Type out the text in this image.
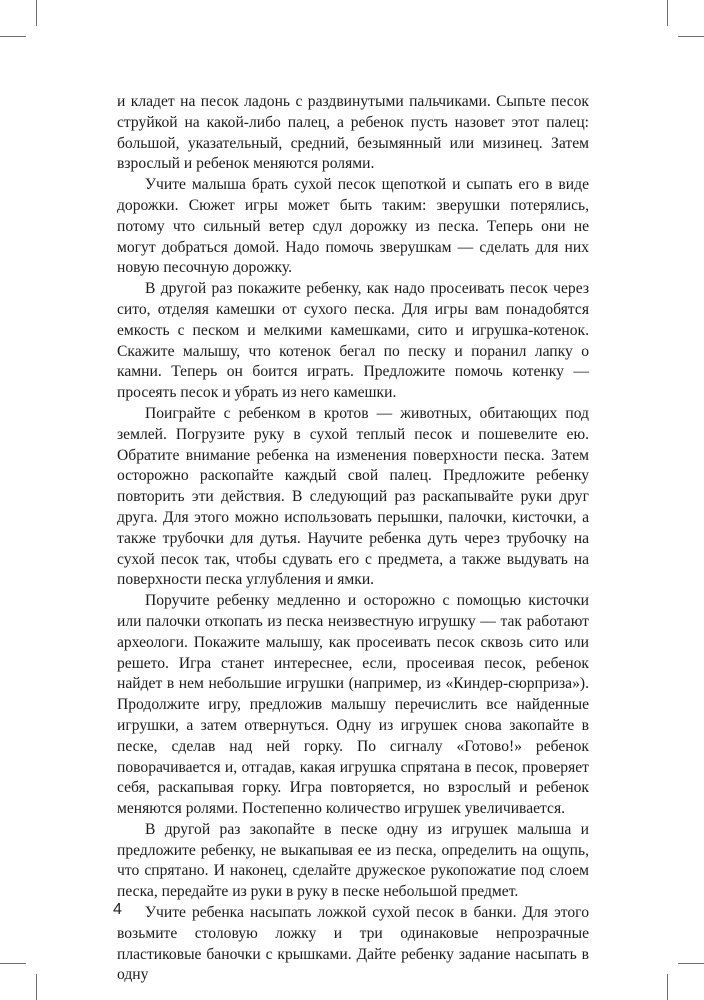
и кладет на песок ладонь с раздвинутыми пальчиками. Сыпьте песок струйкой на какой-либо палец, а ребенок пусть назовет этот палец: большой, указательный, средний, безымянный или мизинец. Затем взрослый и ребенок меняются ролями.

Учите малыша брать сухой песок щепоткой и сыпать его в виде дорожки. Сюжет игры может быть таким: зверушки потерялись, потому что сильный ветер сдул дорожку из песка. Теперь они не могут добраться домой. Надо помочь зверушкам — сделать для них новую песочную дорожку.

В другой раз покажите ребенку, как надо просеивать песок через сито, отделяя камешки от сухого песка. Для игры вам понадобятся емкость с песком и мелкими камешками, сито и игрушка-котенок. Скажите малышу, что котенок бегал по песку и поранил лапку о камни. Теперь он боится играть. Предложите помочь котенку — просеять песок и убрать из него камешки.

Поиграйте с ребенком в кротов — животных, обитающих под землей. Погрузите руку в сухой теплый песок и пошевелите ею. Обратите внимание ребенка на изменения поверхности песка. Затем осторожно раскопайте каждый свой палец. Предложите ребенку повторить эти действия. В следующий раз раскапывайте руки друг друга. Для этого можно использовать перышки, палочки, кисточки, а также трубочки для дутья. Научите ребенка дуть через трубочку на сухой песок так, чтобы сдувать его с предмета, а также выдувать на поверхности песка углубления и ямки.

Поручите ребенку медленно и осторожно с помощью кисточки или палочки откопать из песка неизвестную игрушку — так работают археологи. Покажите малышу, как просеивать песок сквозь сито или решето. Игра станет интереснее, если, просеивая песок, ребенок найдет в нем небольшие игрушки (например, из «Киндер-сюрприза»). Продолжите игру, предложив малышу перечислить все найденные игрушки, а затем отвернуться. Одну из игрушек снова закопайте в песке, сделав над ней горку. По сигналу «Готово!» ребенок поворачивается и, отгадав, какая игрушка спрятана в песок, проверяет себя, раскапывая горку. Игра повторяется, но взрослый и ребенок меняются ролями. Постепенно количество игрушек увеличивается.

В другой раз закопайте в песке одну из игрушек малыша и предложите ребенку, не выкапывая ее из песка, определить на ощупь, что спрятано. И наконец, сделайте дружеское рукопожатие под слоем песка, передайте из руки в руку в песке небольшой предмет.

Учите ребенка насыпать ложкой сухой песок в банки. Для этого возьмите столовую ложку и три одинаковые непрозрачные пластиковые баночки с крышками. Дайте ребенку задание насыпать в одну

4
